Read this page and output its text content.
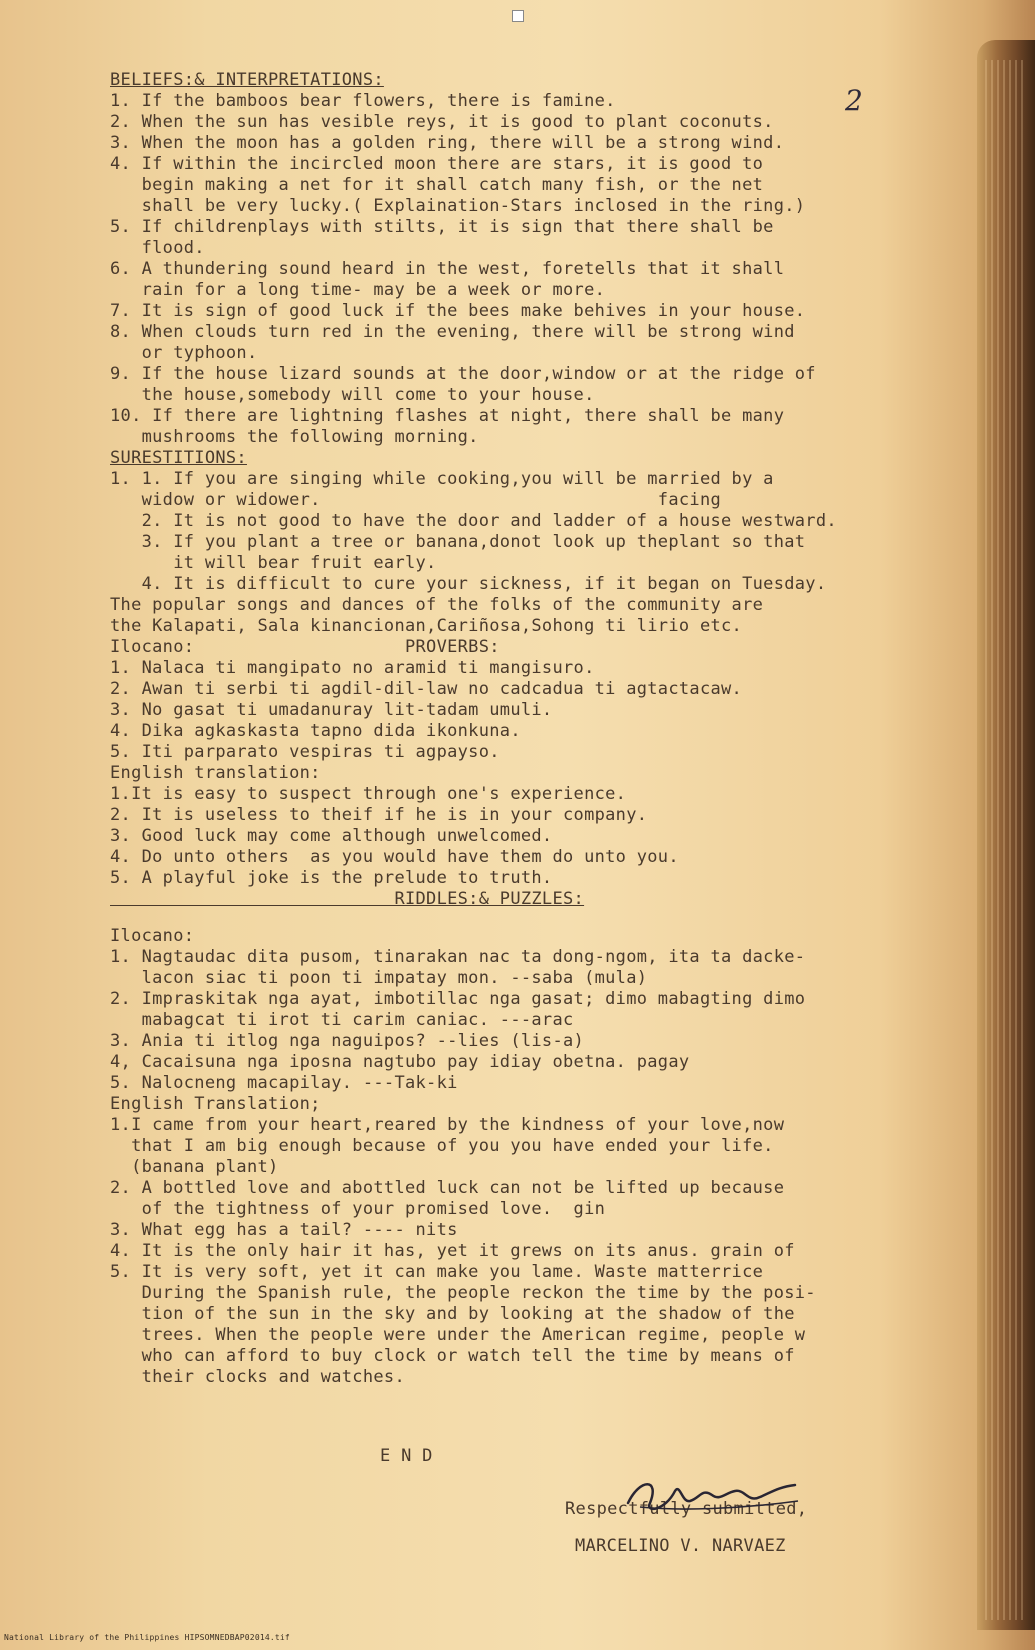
2
BELIEFS:& INTERPRETATIONS:
1. If the bamboos bear flowers, there is famine.
2. When the sun has vesible reys, it is good to plant coconuts.
3. When the moon has a golden ring, there will be a strong wind.
4. If within the incircled moon there are stars, it is good to
begin making a net for it shall catch many fish, or the net
shall be very lucky.( Explaination-Stars inclosed in the ring.)
5. If childrenplays with stilts, it is sign that there shall be
flood.
6. A thundering sound heard in the west, foretells that it shall
rain for a long time- may be a week or more.
7. It is sign of good luck if the bees make behives in your house.
8. When clouds turn red in the evening, there will be strong wind
or typhoon.
9. If the house lizard sounds at the door,window or at the ridge of
the house,somebody will come to your house.
10. If there are lightning flashes at night, there shall be many
mushrooms the following morning.
SURESTITIONS:
1. 1. If you are singing while cooking,you will be married by a
widow or widower.                                facing
2. It is not good to have the door and ladder of a house westward.
3. If you plant a tree or banana,donot look up theplant so that
it will bear fruit early.
4. It is difficult to cure your sickness, if it began on Tuesday.
The popular songs and dances of the folks of the community are
the Kalapati, Sala kinancionan,Cariñosa,Sohong ti lirio etc.
Ilocano:                    PROVERBS:
1. Nalaca ti mangipato no aramid ti mangisuro.
2. Awan ti serbi ti agdil-dil-law no cadcadua ti agtactacaw.
3. No gasat ti umadanuray lit-tadam umuli.
4. Dika agkaskasta tapno dida ikonkuna.
5. Iti parparato vespiras ti agpayso.
English translation:
1.It is easy to suspect through one's experience.
2. It is useless to theif if he is in your company.
3. Good luck may come although unwelcomed.
4. Do unto others  as you would have them do unto you.
5. A playful joke is the prelude to truth.
RIDDLES:& PUZZLES:
Ilocano:
1. Nagtaudac dita pusom, tinarakan nac ta dong-ngom, ita ta dacke-
lacon siac ti poon ti impatay mon. --saba (mula)
2. Impraskitak nga ayat, imbotillac nga gasat; dimo mabagting dimo
mabagcat ti irot ti carim caniac. ---arac
3. Ania ti itlog nga naguipos? --lies (lis-a)
4, Cacaisuna nga iposna nagtubo pay idiay obetna. pagay
5. Nalocneng macapilay. ---Tak-ki
English Translation;
1.I came from your heart,reared by the kindness of your love,now
that I am big enough because of you you have ended your life.
(banana plant)
2. A bottled love and abottled luck can not be lifted up because
of the tightness of your promised love.  gin
3. What egg has a tail? ---- nits
4. It is the only hair it has, yet it grews on its anus. grain of
5. It is very soft, yet it can make you lame. Waste matterrice
During the Spanish rule, the people reckon the time by the posi-
tion of the sun in the sky and by looking at the shadow of the
trees. When the people were under the American regime, people w
who can afford to buy clock or watch tell the time by means of
their clocks and watches.
E N D
Respectfully submitted,
MARCELINO V. NARVAEZ
National Library of the Philippines HIPSOMNEDBAP02014.tif
